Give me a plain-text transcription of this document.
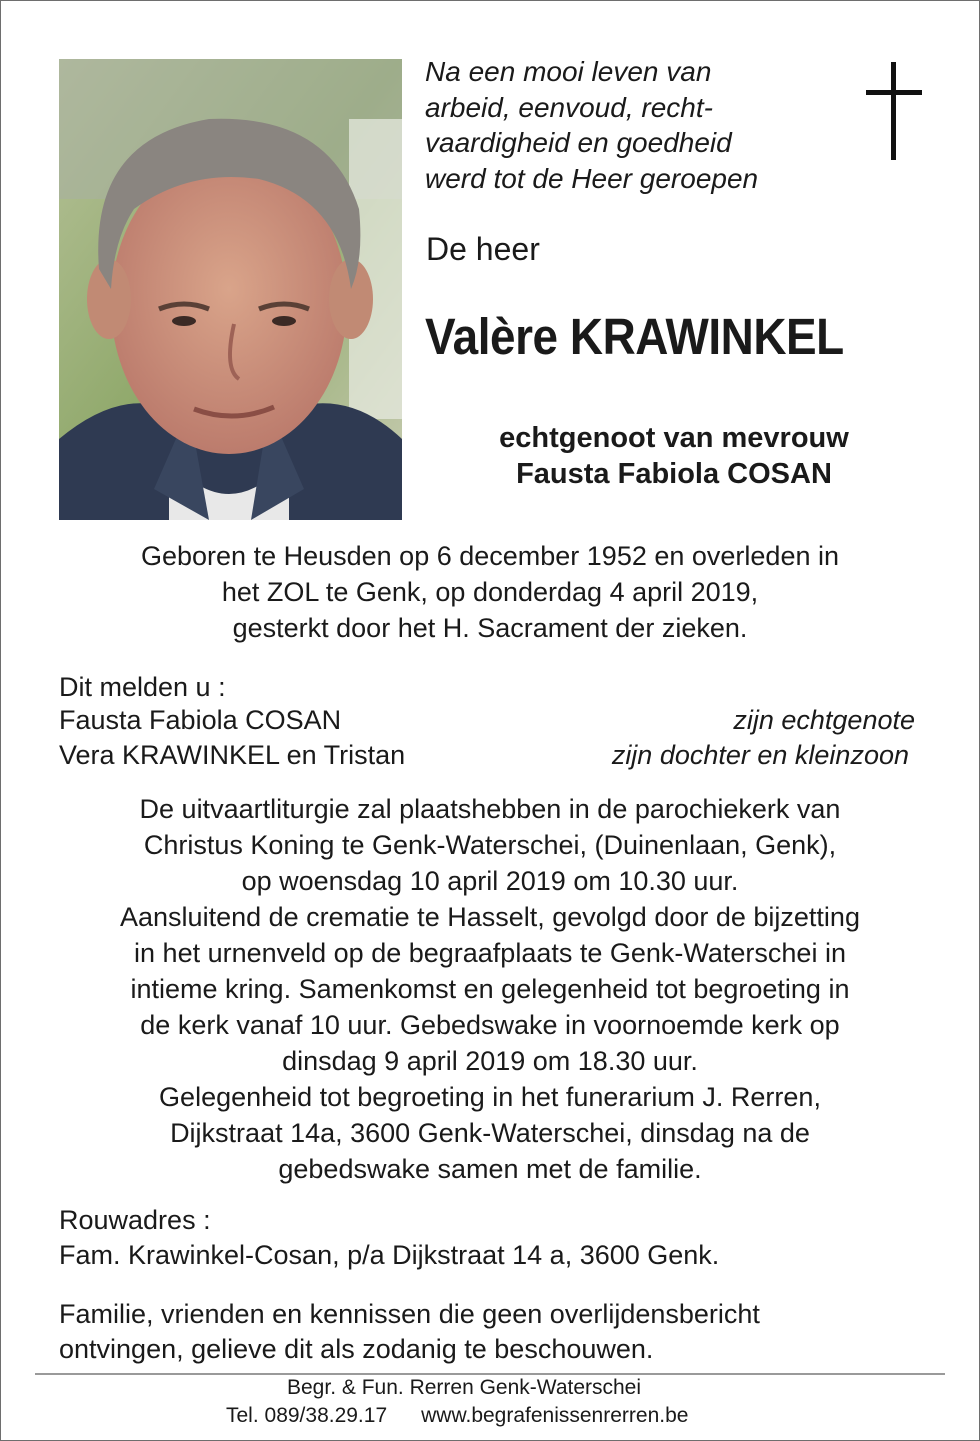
Na een mooi leven van
arbeid, eenvoud, recht-
vaardigheid en goedheid
werd tot de Heer geroepen
De heer
Valère KRAWINKEL
echtgenoot van mevrouw
Fausta Fabiola COSAN
Geboren te Heusden op 6 december 1952 en overleden in
het ZOL te Genk, op donderdag 4 april 2019,
gesterkt door het H. Sacrament der zieken.
Dit melden u :
Fausta Fabiola COSAN	zijn echtgenote
Vera KRAWINKEL en Tristan	zijn dochter en kleinzoon
De uitvaartliturgie zal plaatshebben in de parochiekerk van
Christus Koning te Genk-Waterschei, (Duinenlaan, Genk),
op woensdag 10 april 2019 om 10.30 uur.
Aansluitend de crematie te Hasselt, gevolgd door de bijzetting
in het urnenveld op de begraafplaats te Genk-Waterschei in
intieme kring. Samenkomst en gelegenheid tot begroeting in
de kerk vanaf 10 uur. Gebedswake in voornoemde kerk op
dinsdag 9 april 2019 om 18.30 uur.
Gelegenheid tot begroeting in het funerarium J. Rerren,
Dijkstraat 14a, 3600 Genk-Waterschei, dinsdag na de
gebedswake samen met de familie.
Rouwadres :
Fam. Krawinkel-Cosan, p/a Dijkstraat 14 a, 3600 Genk.
Familie, vrienden en kennissen die geen overlijdensbericht
ontvingen, gelieve dit als zodanig te beschouwen.
Begr. & Fun. Rerren Genk-Waterschei
Tel. 089/38.29.17 www.begrafenissenrerren.be
